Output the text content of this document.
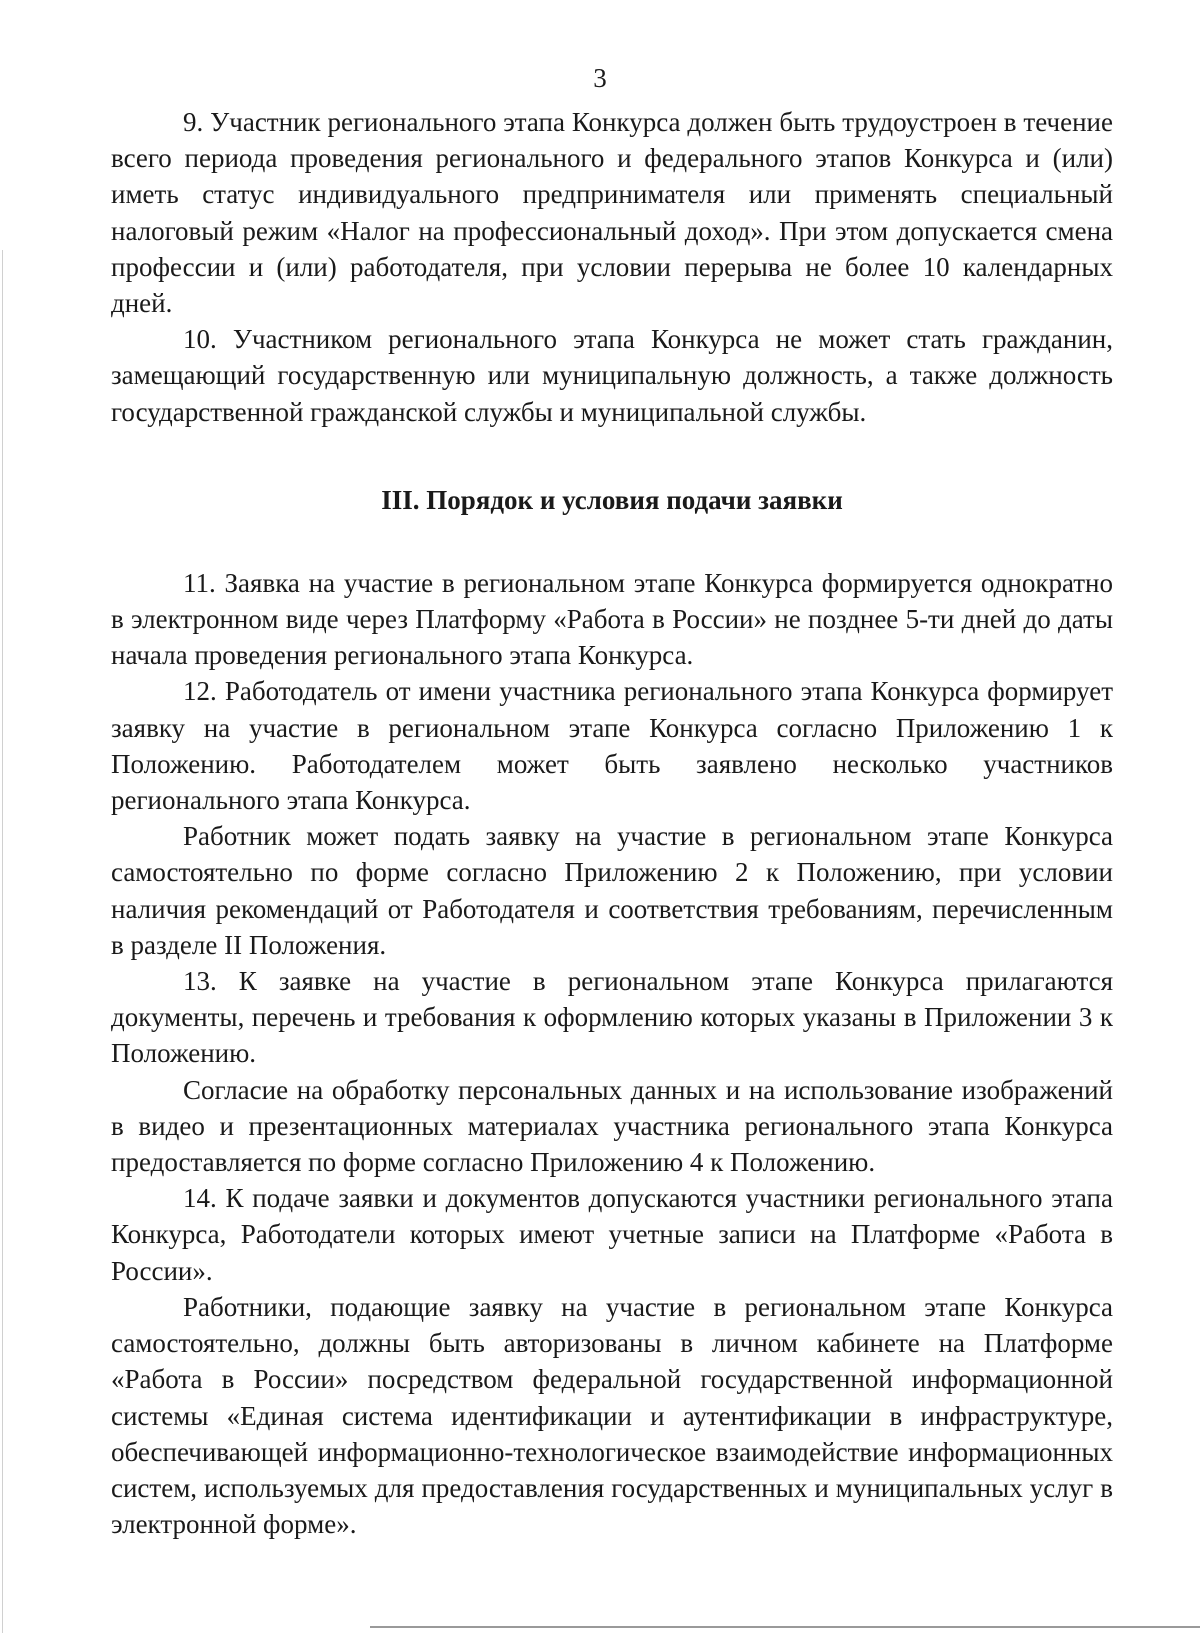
3

9. Участник регионального этапа Конкурса должен быть трудоустроен в течение всего периода проведения регионального и федерального этапов Конкурса и (или) иметь статус индивидуального предпринимателя или применять специальный налоговый режим «Налог на профессиональный доход». При этом допускается смена профессии и (или) работодателя, при условии перерыва не более 10 календарных дней.

10. Участником регионального этапа Конкурса не может стать гражданин, замещающий государственную или муниципальную должность, а также должность государственной гражданской службы и муниципальной службы.

III. Порядок и условия подачи заявки

11. Заявка на участие в региональном этапе Конкурса формируется однократно в электронном виде через Платформу «Работа в России» не позднее 5-ти дней до даты начала проведения регионального этапа Конкурса.

12. Работодатель от имени участника регионального этапа Конкурса формирует заявку на участие в региональном этапе Конкурса согласно Приложению 1 к Положению. Работодателем может быть заявлено несколько участников регионального этапа Конкурса.

Работник может подать заявку на участие в региональном этапе Конкурса самостоятельно по форме согласно Приложению 2 к Положению, при условии наличия рекомендаций от Работодателя и соответствия требованиям, перечисленным в разделе II Положения.

13. К заявке на участие в региональном этапе Конкурса прилагаются документы, перечень и требования к оформлению которых указаны в Приложении 3 к Положению.

Согласие на обработку персональных данных и на использование изображений в видео и презентационных материалах участника регионального этапа Конкурса предоставляется по форме согласно Приложению 4 к Положению.

14. К подаче заявки и документов допускаются участники регионального этапа Конкурса, Работодатели которых имеют учетные записи на Платформе «Работа в России».

Работники, подающие заявку на участие в региональном этапе Конкурса самостоятельно, должны быть авторизованы в личном кабинете на Платформе «Работа в России» посредством федеральной государственной информационной системы «Единая система идентификации и аутентификации в инфраструктуре, обеспечивающей информационно-технологическое взаимодействие информационных систем, используемых для предоставления государственных и муниципальных услуг в электронной форме».
